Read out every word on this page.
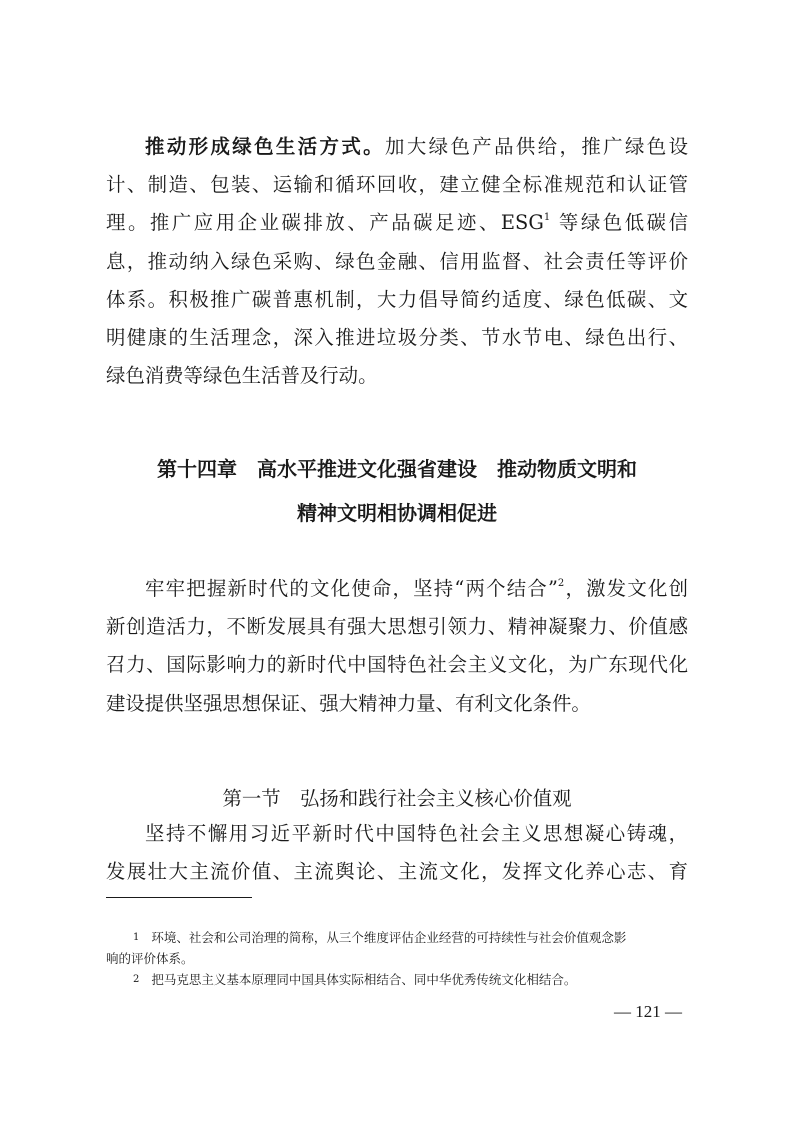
推动形成绿色生活方式。加大绿色产品供给，推广绿色设
计、制造、包装、运输和循环回收，建立健全标准规范和认证管
理。推广应用企业碳排放、产品碳足迹、ESG$^1$ 等绿色低碳信
息，推动纳入绿色采购、绿色金融、信用监督、社会责任等评价
体系。积极推广碳普惠机制，大力倡导简约适度、绿色低碳、文
明健康的生活理念，深入推进垃圾分类、节水节电、绿色出行、
绿色消费等绿色生活普及行动。

第十四章　高水平推进文化强省建设　推动物质文明和
精神文明相协调相促进

牢牢把握新时代的文化使命，坚持“两个结合”$^2$，激发文化创
新创造活力，不断发展具有强大思想引领力、精神凝聚力、价值感
召力、国际影响力的新时代中国特色社会主义文化，为广东现代化
建设提供坚强思想保证、强大精神力量、有利文化条件。

第一节　弘扬和践行社会主义核心价值观

坚持不懈用习近平新时代中国特色社会主义思想凝心铸魂，
发展壮大主流价值、主流舆论、主流文化，发挥文化养心志、育

1 环境、社会和公司治理的简称，从三个维度评估企业经营的可持续性与社会价值观念影
响的评价体系。

2 把马克思主义基本原理同中国具体实际相结合、同中华优秀传统文化相结合。

— 121 —
